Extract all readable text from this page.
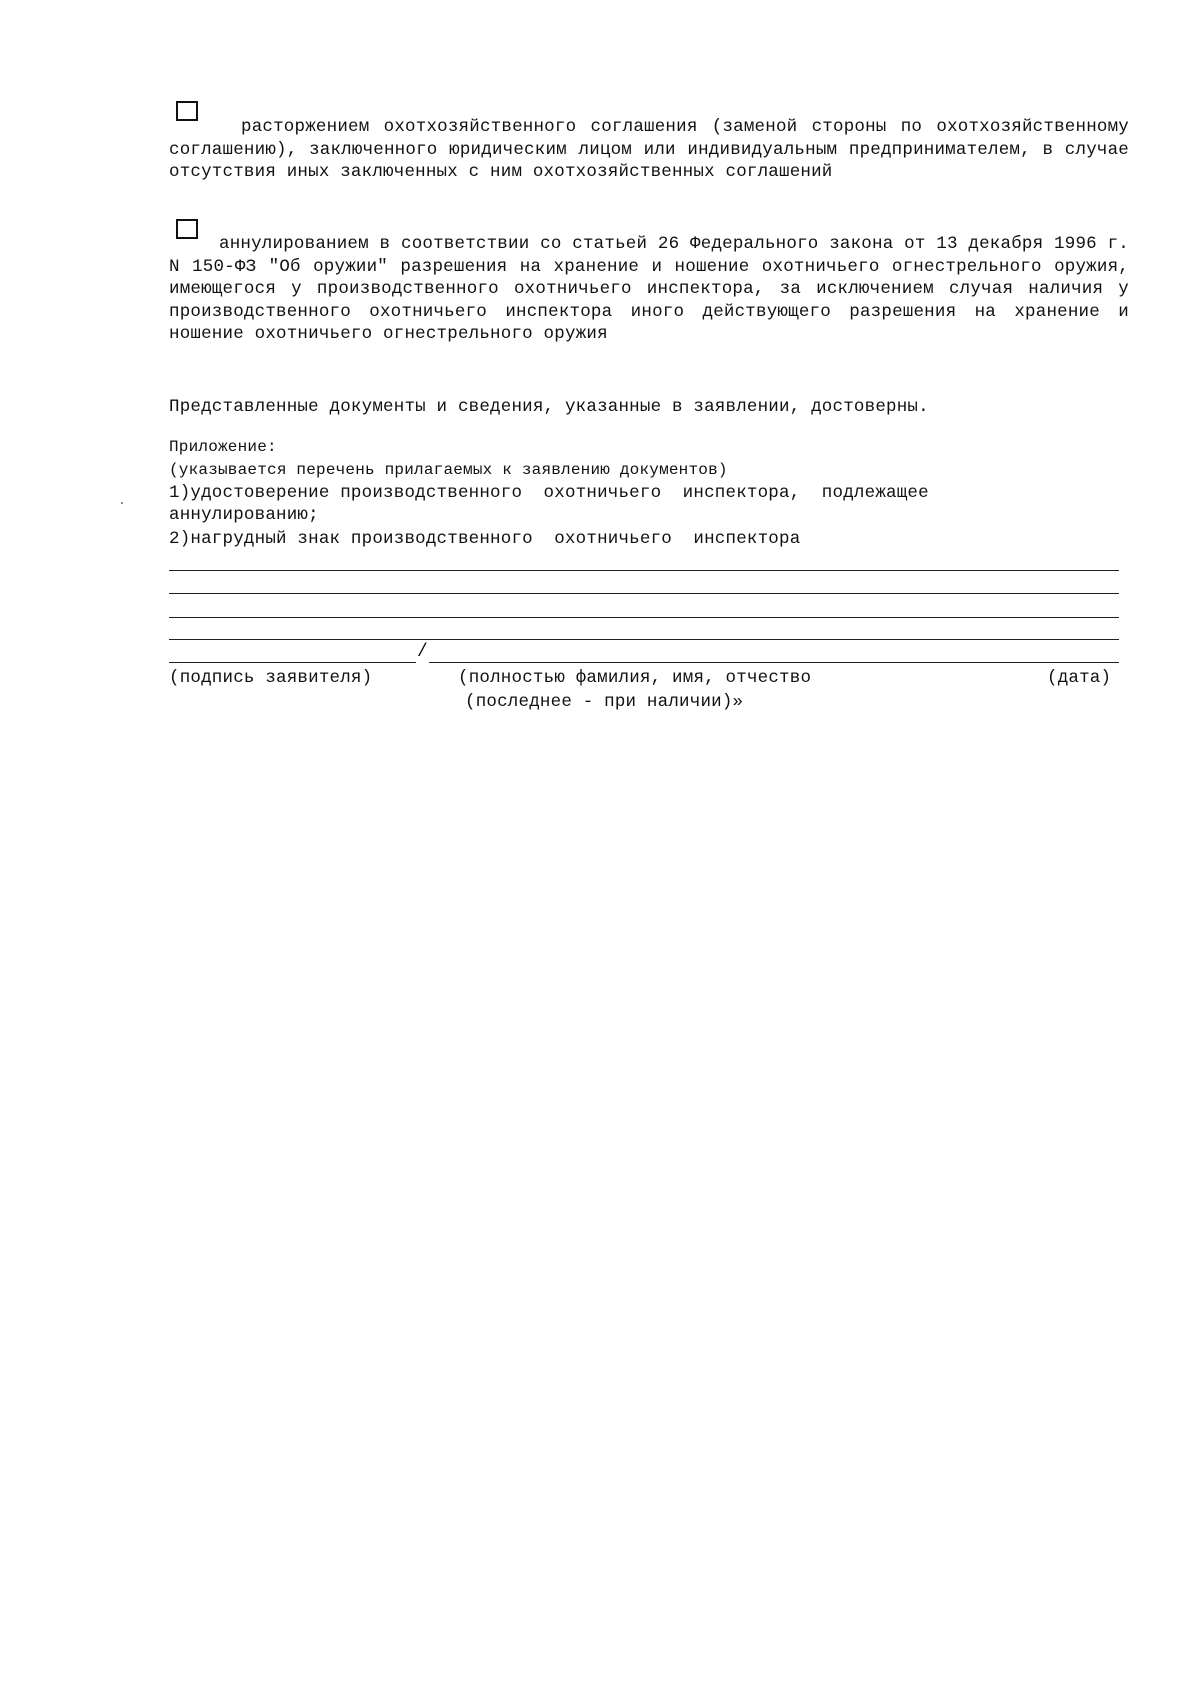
расторжением охотхозяйственного соглашения (заменой стороны по охотхозяйственному соглашению), заключенного юридическим лицом или индивидуальным предпринимателем, в случае отсутствия иных заключенных с ним охотхозяйственных соглашений

аннулированием в соответствии со статьей 26 Федерального закона от 13 декабря 1996 г. N 150-ФЗ "Об оружии" разрешения на хранение и ношение охотничьего огнестрельного оружия, имеющегося у производственного охотничьего инспектора, за исключением случая наличия у производственного охотничьего инспектора иного действующего разрешения на хранение и ношение охотничьего огнестрельного оружия

Представленные документы и сведения, указанные в заявлении, достоверны.
Приложение:
(указывается перечень прилагаемых к заявлению документов)
1)удостоверение производственного  охотничьего  инспектора,  подлежащее
аннулированию;
2)нагрудный знак производственного  охотничьего  инспектора
/
(подпись заявителя)	(полностью фамилия, имя, отчество
(последнее - при наличии)»
(дата)
